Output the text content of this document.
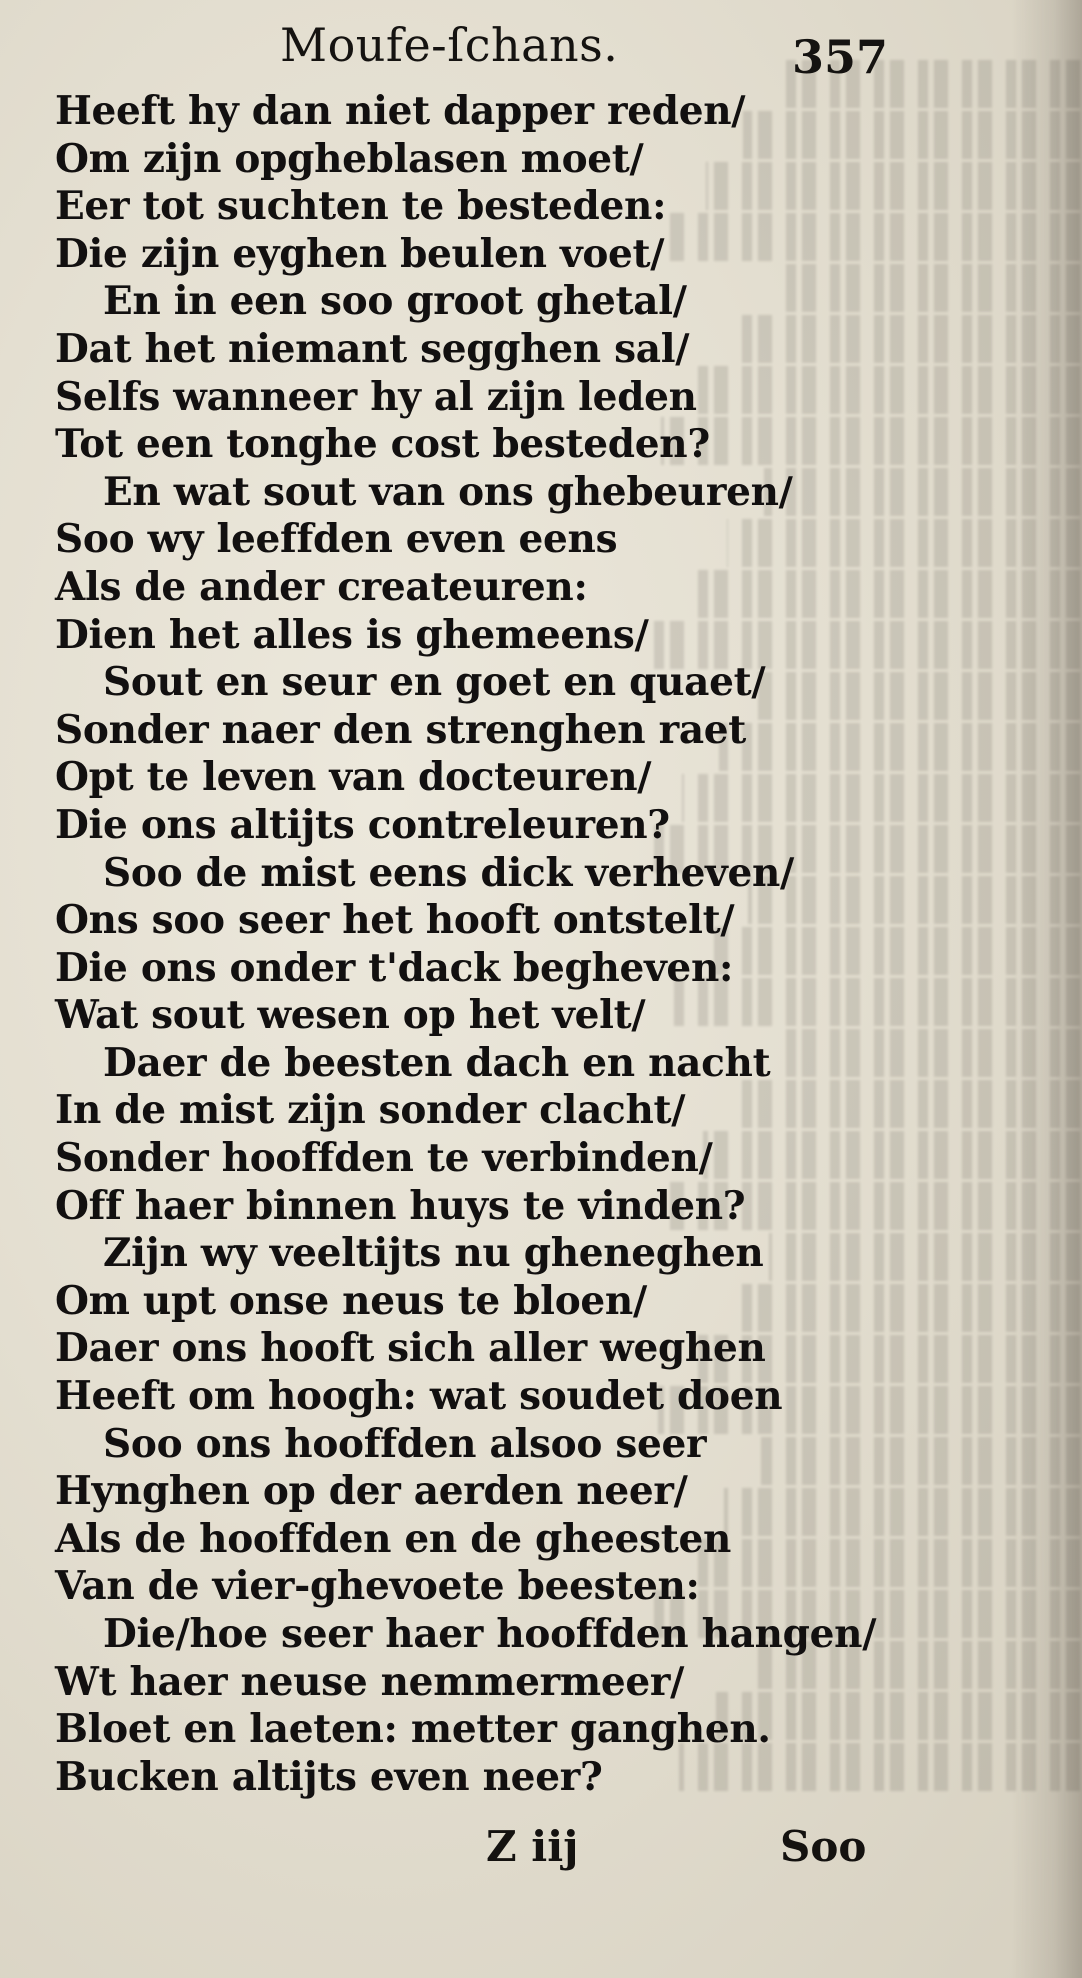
Moufe-ſchans.	357
Heeft hy dan niet dapper reden/
Om zijn opgheblasen moet/
Eer tot suchten te besteden:
Die zijn eyghen beulen voet/
En in een soo groot ghetal/
Dat het niemant segghen sal/
Selfs wanneer hy al zijn leden
Tot een tonghe cost besteden?
En wat sout van ons ghebeuren/
Soo wy leeffden even eens
Als de ander createuren:
Dien het alles is ghemeens/
Sout en seur en goet en quaet/
Sonder naer den strenghen raet
Opt te leven van docteuren/
Die ons altijts contreleuren?
Soo de mist eens dick verheven/
Ons soo seer het hooft ontstelt/
Die ons onder t'dack begheven:
Wat sout wesen op het velt/
Daer de beesten dach en nacht
In de mist zijn sonder clacht/
Sonder hooffden te verbinden/
Off haer binnen huys te vinden?
Zijn wy veeltijts nu gheneghen
Om upt onse neus te bloen/
Daer ons hooft sich aller weghen
Heeft om hoogh: wat soudet doen
Soo ons hooffden alsoo seer
Hynghen op der aerden neer/
Als de hooffden en de gheesten
Van de vier-ghevoete beesten:
Die/hoe seer haer hooffden hangen/
Wt haer neuse nemmermeer/
Bloet en laeten: metter ganghen.
Bucken altijts even neer?
Z iij	Soo
